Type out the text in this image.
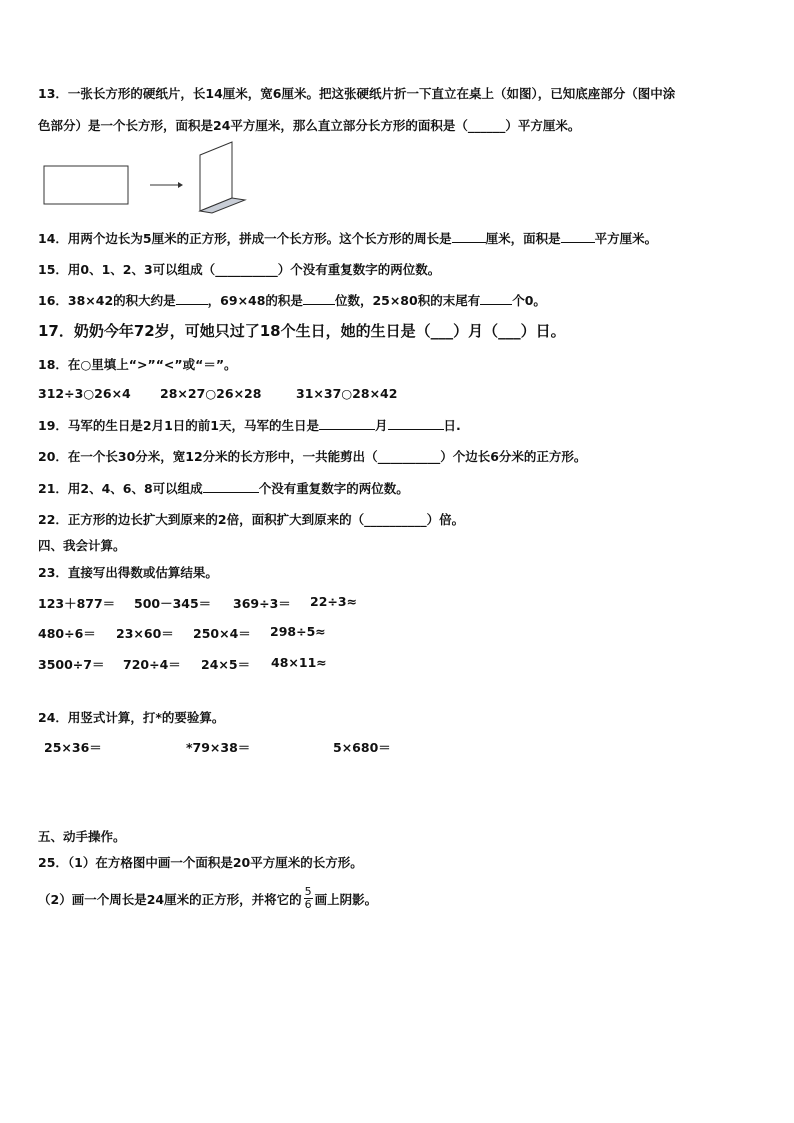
13．一张长方形的硬纸片，长14厘米，宽6厘米。把这张硬纸片折一下直立在桌上（如图），已知底座部分（图中涂
色部分）是一个长方形，面积是24平方厘米，那么直立部分长方形的面积是（______）平方厘米。
14．用两个边长为5厘米的正方形，拼成一个长方形。这个长方形的周长是	厘米，面积是	平方厘米。
15．用0、1、2、3可以组成（__________）个没有重复数字的两位数。
16．38×42的积大约是	，69×48的积是	位数，25×80积的末尾有	个0。
17．奶奶今年72岁，可她只过了18个生日，她的生日是（___）月（___）日。
18．在○里填上“>”“<”或“＝”。
312÷3○26×4 28×27○26×28	31×37○28×42
19．马军的生日是2月1日的前1天，马军的生日是	月	日.
20．在一个长30分米，宽12分米的长方形中，一共能剪出（__________）个边长6分米的正方形。
21．用2、4、6、8可以组成	个没有重复数字的两位数。
22．正方形的边长扩大到原来的2倍，面积扩大到原来的（__________）倍。
四、我会计算。
23．直接写出得数或估算结果。
123＋877＝ 500－345＝ 369÷3＝ 22÷3≈
480÷6＝ 23×60＝ 250×4＝ 298÷5≈
3500÷7＝ 720÷4＝ 24×5＝ 48×11≈
24．用竖式计算，打*的要验算。
25×36＝	*79×38＝	5×680＝
五、动手操作。
25．（1）在方格图中画一个面积是20平方厘米的长方形。
（2）画一个周长是24厘米的正方形，并将它的 $\frac{5}{6}$ 画上阴影。
